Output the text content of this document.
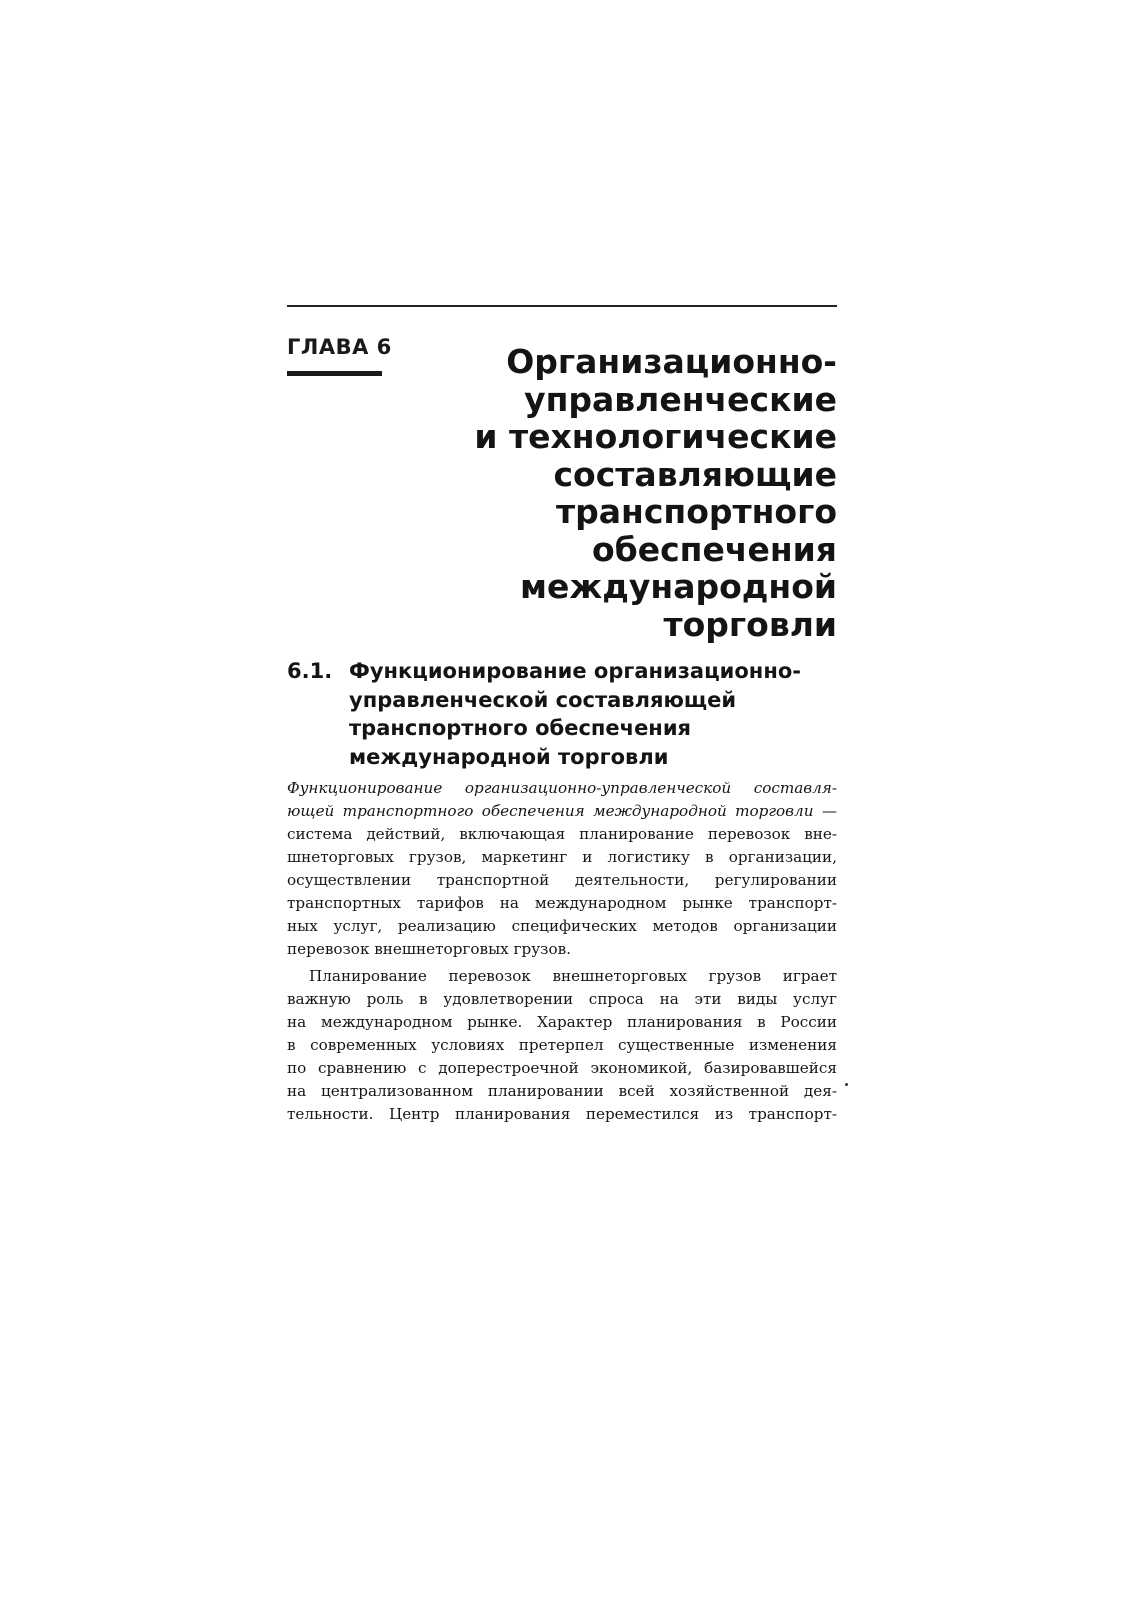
ГЛАВА 6	Организационно-
управленческие
и технологические
составляющие
транспортного
обеспечения
международной
торговли
6.1. Функционирование организационно-
управленческой составляющей
транспортного обеспечения
международной торговли

Функционирование организационно-управленческой составля-
ющей транспортного обеспечения международной торговли —
система действий, включающая планирование перевозок вне-
шнеторговых грузов, маркетинг и логистику в организации,
осуществлении транспортной деятельности, регулировании
транспортных тарифов на международном рынке транспорт-
ных услуг, реализацию специфических методов организации
перевозок внешнеторговых грузов.

Планирование перевозок внешнеторговых грузов играет
важную роль в удовлетворении спроса на эти виды услуг
на международном рынке. Характер планирования в России
в современных условиях претерпел существенные изменения
по сравнению с доперестроечной экономикой, базировавшейся
на централизованном планировании всей хозяйственной дея-
тельности. Центр планирования переместился из транспорт-
